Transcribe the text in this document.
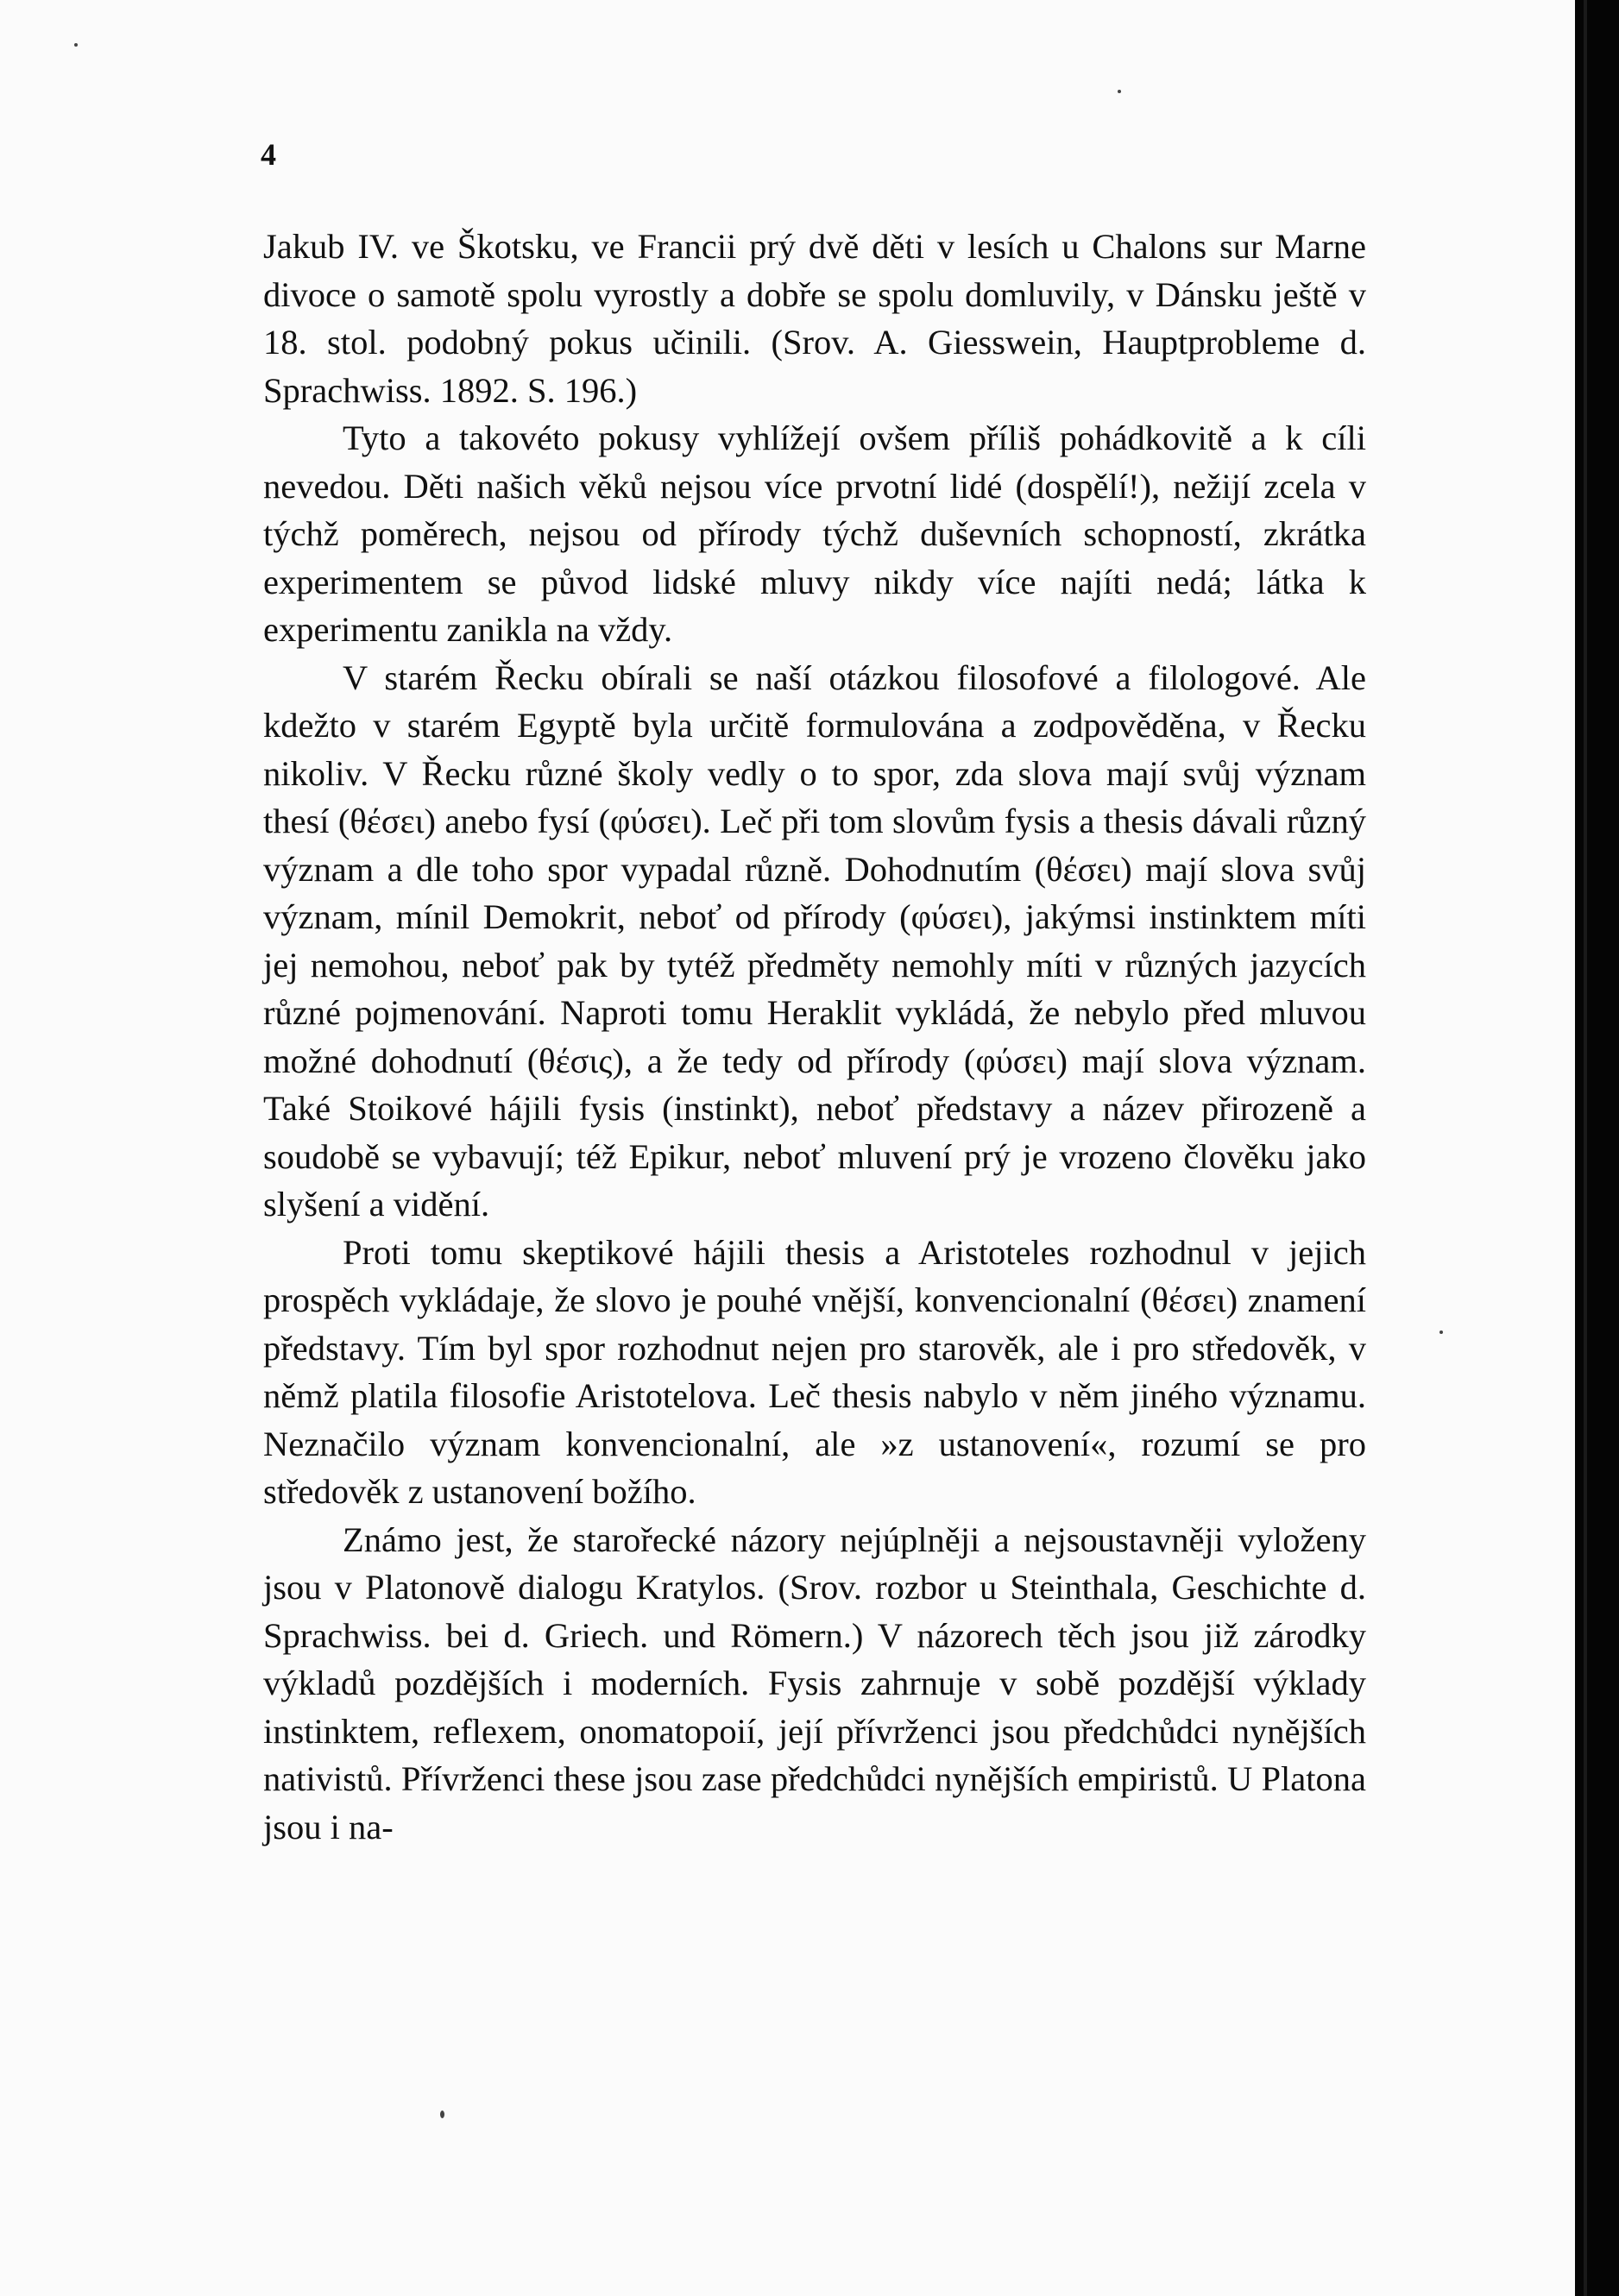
4

Jakub IV. ve Škotsku, ve Francii prý dvě děti v lesích u Chalons sur Marne divoce o samotě spolu vyrostly a dobře se spolu domluvily, v Dánsku ještě v 18. stol. podobný pokus učinili. (Srov. A. Giesswein, Hauptprobleme d. Sprachwiss. 1892. S. 196.)

Tyto a takovéto pokusy vyhlížejí ovšem příliš pohádkovitě a k cíli nevedou. Děti našich věků nejsou více prvotní lidé (dospělí!), nežijí zcela v týchž poměrech, nejsou od přírody týchž duševních schopností, zkrátka experimentem se původ lidské mluvy nikdy více najíti nedá; látka k experimentu zanikla na vždy.

V starém Řecku obírali se naší otázkou filosofové a filologové. Ale kdežto v starém Egyptě byla určitě formulována a zodpověděna, v Řecku nikoliv. V Řecku různé školy vedly o to spor, zda slova mají svůj význam thesí (θέσει) anebo fysí (φύσει). Leč při tom slovům fysis a thesis dávali různý význam a dle toho spor vypadal různě. Dohodnutím (θέσει) mají slova svůj význam, mínil Demokrit, neboť od přírody (φύσει), jakýmsi instinktem míti jej nemohou, neboť pak by tytéž předměty nemohly míti v různých jazycích různé pojmenování. Naproti tomu Heraklit vykládá, že nebylo před mluvou možné dohodnutí (θέσις), a že tedy od přírody (φύσει) mají slova význam. Také Stoikové hájili fysis (instinkt), neboť představy a název přirozeně a soudobě se vybavují; též Epikur, neboť mluvení prý je vrozeno člověku jako slyšení a vidění.

Proti tomu skeptikové hájili thesis a Aristoteles rozhodnul v jejich prospěch vykládaje, že slovo je pouhé vnější, konvencionalní (θέσει) znamení představy. Tím byl spor rozhodnut nejen pro starověk, ale i pro středověk, v němž platila filosofie Aristotelova. Leč thesis nabylo v něm jiného významu. Neznačilo význam konvencionalní, ale »z ustanovení«, rozumí se pro středověk z ustanovení božího.

Známo jest, že starořecké názory nejúplněji a nejsoustavněji vyloženy jsou v Platonově dialogu Kratylos. (Srov. rozbor u Steinthala, Geschichte d. Sprachwiss. bei d. Griech. und Römern.) V názorech těch jsou již zárodky výkladů pozdějších i moderních. Fysis zahrnuje v sobě pozdější výklady instinktem, reflexem, onomatopoií, její přívrženci jsou předchůdci nynějších nativistů. Přívrženci these jsou zase předchůdci nynějších empiristů. U Platona jsou i na-
